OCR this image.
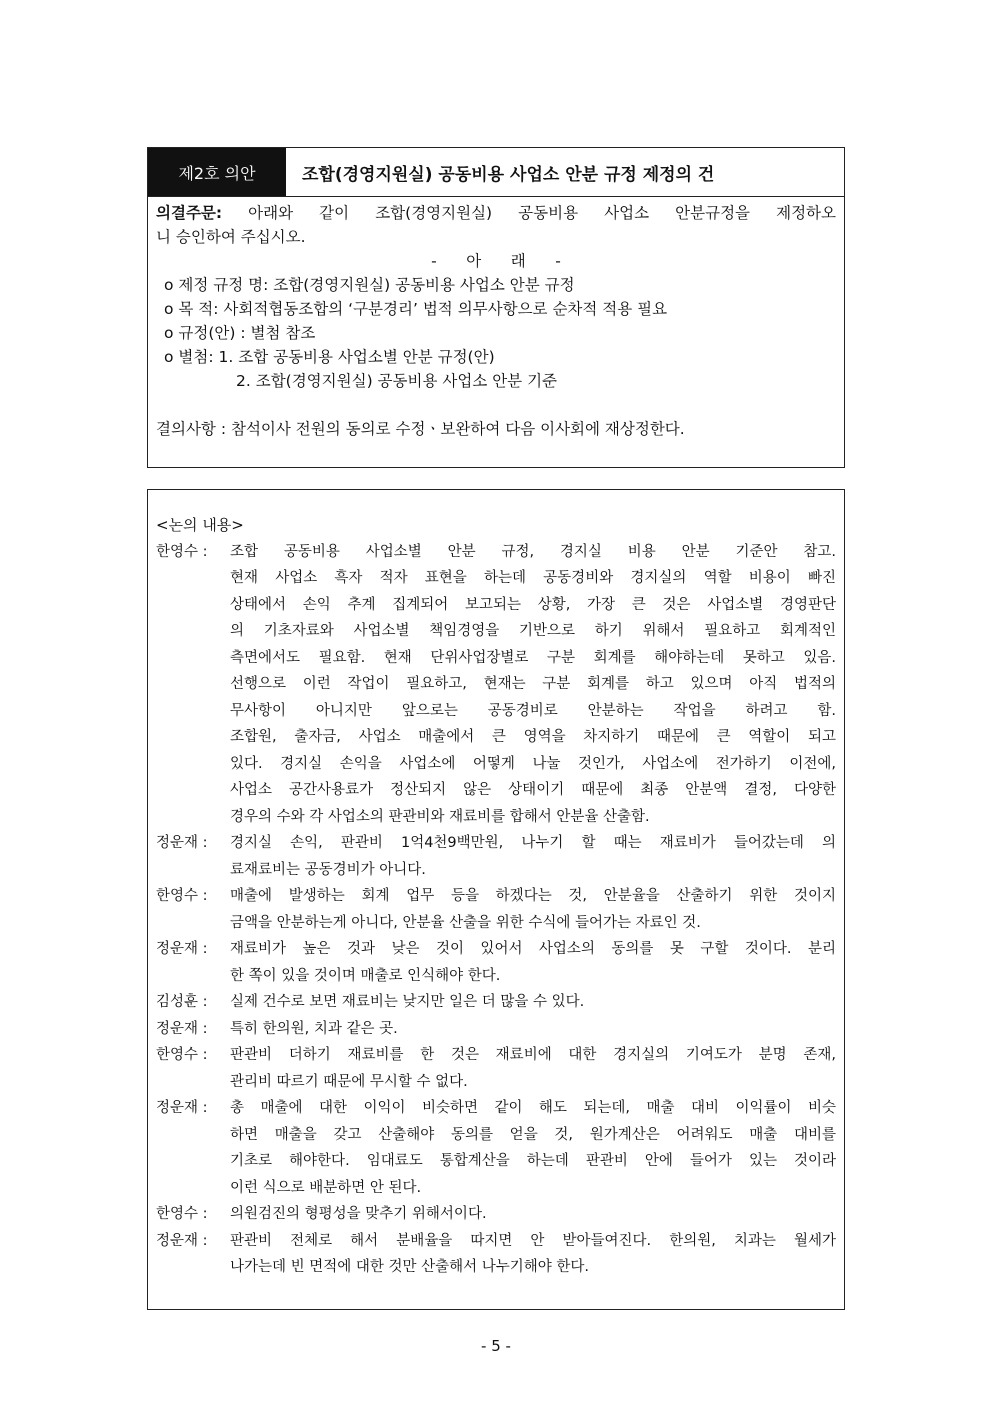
제2호 의안	조합(경영지원실) 공동비용 사업소 안분 규정 제정의 건
의결주문: 아래와 같이 조합(경영지원실) 공동비용 사업소 안분규정을 제정하오
니 승인하여 주십시오.
-      아      래      -
o 제정 규정 명: 조합(경영지원실) 공동비용 사업소 안분 규정
o 목 적: 사회적협동조합의 ‘구분경리’ 법적 의무사항으로 순차적 적용 필요
o 규정(안) : 별첨 참조
o 별첨: 1. 조합 공동비용 사업소별 안분 규정(안)
2. 조합(경영지원실) 공동비용 사업소 안분 기준
결의사항 : 참석이사 전원의 동의로 수정ㆍ보완하여 다음 이사회에 재상정한다.
<논의 내용>
한영수 :	조합 공동비용 사업소별 안분 규정, 경지실 비용 안분 기준안 참고.
현재 사업소 흑자 적자 표현을 하는데 공동경비와 경지실의 역할 비용이 빠진
상태에서 손익 추계 집계되어 보고되는 상황, 가장 큰 것은 사업소별 경영판단
의 기초자료와 사업소별 책임경영을 기반으로 하기 위해서 필요하고 회계적인
측면에서도 필요함. 현재 단위사업장별로 구분 회계를 해야하는데 못하고 있음.
선행으로 이런 작업이 필요하고, 현재는 구분 회계를 하고 있으며 아직 법적의
무사항이 아니지만 앞으로는 공동경비로 안분하는 작업을 하려고 함.
조합원, 출자금, 사업소 매출에서 큰 영역을 차지하기 때문에 큰 역할이 되고
있다. 경지실 손익을 사업소에 어떻게 나눌 것인가, 사업소에 전가하기 이전에,
사업소 공간사용료가 정산되지 않은 상태이기 때문에 최종 안분액 결정, 다양한
경우의 수와 각 사업소의 판관비와 재료비를 합해서 안분율 산출함.
정운재 :	경지실 손익, 판관비 1억4천9백만원, 나누기 할 때는 재료비가 들어갔는데 의
료재료비는 공동경비가 아니다.
한영수 :	매출에 발생하는 회계 업무 등을 하겠다는 것, 안분율을 산출하기 위한 것이지
금액을 안분하는게 아니다, 안분율 산출을 위한 수식에 들어가는 자료인 것.
정운재 :	재료비가 높은 것과 낮은 것이 있어서 사업소의 동의를 못 구할 것이다. 분리
한 쪽이 있을 것이며 매출로 인식해야 한다.
김성훈 :	실제 건수로 보면 재료비는 낮지만 일은 더 많을 수 있다.
정운재 :	특히 한의원, 치과 같은 곳.
한영수 :	판관비 더하기 재료비를 한 것은 재료비에 대한 경지실의 기여도가 분명 존재,
관리비 따르기 때문에 무시할 수 없다.
정운재 :	총 매출에 대한 이익이 비슷하면 같이 해도 되는데, 매출 대비 이익률이 비슷
하면 매출을 갖고 산출해야 동의를 얻을 것, 원가계산은 어려워도 매출 대비를
기초로 해야한다. 임대료도 통합계산을 하는데 판관비 안에 들어가 있는 것이라
이런 식으로 배분하면 안 된다.
한영수 :	의원검진의 형평성을 맞추기 위해서이다.
정운재 :	판관비 전체로 해서 분배율을 따지면 안 받아들여진다. 한의원, 치과는 월세가
나가는데 빈 면적에 대한 것만 산출해서 나누기해야 한다.
- 5 -
